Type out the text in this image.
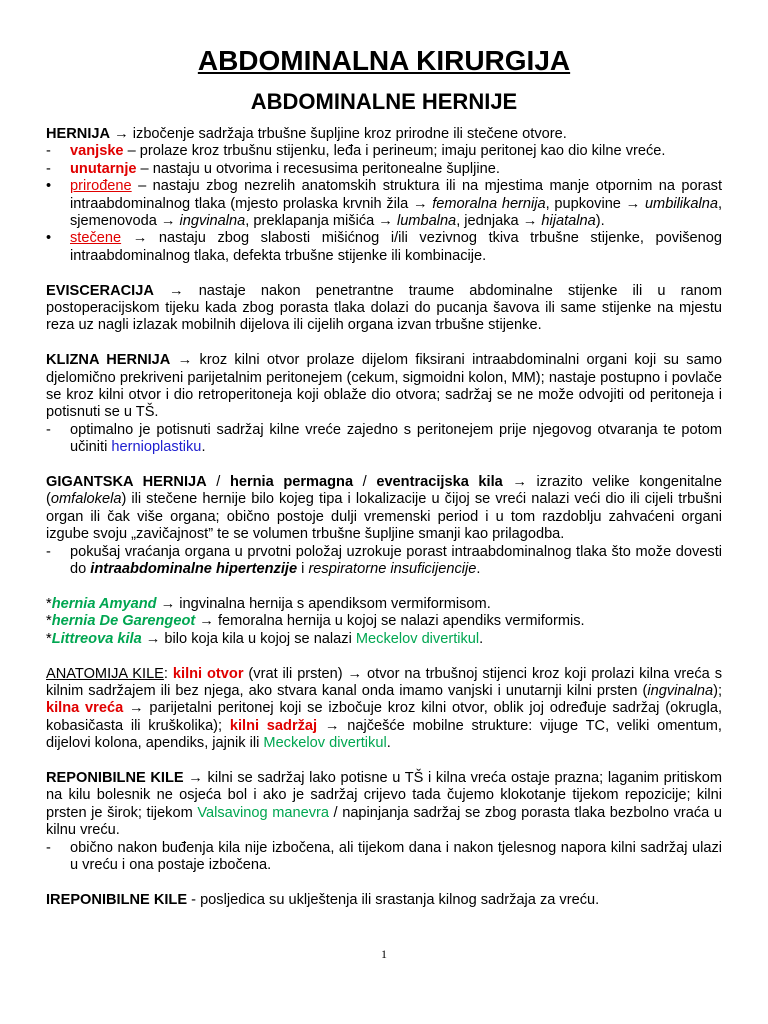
ABDOMINALNA KIRURGIJA
ABDOMINALNE HERNIJE

HERNIJA → izbočenje sadržaja trbušne šupljine kroz prirodne ili stečene otvore.

-	vanjske – prolaze kroz trbušnu stijenku, leđa i perineum; imaju peritonej kao dio kilne vreće.
-	unutarnje – nastaju u otvorima i recesusima peritonealne šupljine.
•	prirođene – nastaju zbog nezrelih anatomskih struktura ili na mjestima manje otpornim na porast intraabdominalnog tlaka (mjesto prolaska krvnih žila → femoralna hernija, pupkovine → umbilikalna, sjemenovoda → ingvinalna, preklapanja mišića → lumbalna, jednjaka → hijatalna).
•	stečene → nastaju zbog slabosti mišićnog i/ili vezivnog tkiva trbušne stijenke, povišenog intraabdominalnog tlaka, defekta trbušne stijenke ili kombinacije.

EVISCERACIJA → nastaje nakon penetrantne traume abdominalne stijenke ili u ranom postoperacijskom tijeku kada zbog porasta tlaka dolazi do pucanja šavova ili same stijenke na mjestu reza uz nagli izlazak mobilnih dijelova ili cijelih organa izvan trbušne stijenke.

KLIZNA HERNIJA → kroz kilni otvor prolaze dijelom fiksirani intraabdominalni organi koji su samo djelomično prekriveni parijetalnim peritonejem (cekum, sigmoidni kolon, MM); nastaje postupno i povlače se kroz kilni otvor i dio retroperitoneja koji oblaže dio otvora; sadržaj se ne može odvojiti od peritoneja i potisnuti se u TŠ.

-	optimalno je potisnuti sadržaj kilne vreće zajedno s peritonejem prije njegovog otvaranja te potom učiniti hernioplastiku.

GIGANTSKA HERNIJA / hernia permagna / eventracijska kila → izrazito velike kongenitalne (omfalokela) ili stečene hernije bilo kojeg tipa i lokalizacije u čijoj se vreći nalazi veći dio ili cijeli trbušni organ ili čak više organa; obično postoje dulji vremenski period i u tom razdoblju zahvaćeni organi izgube svoju „zavičajnost” te se volumen trbušne šupljine smanji kao prilagodba.

-	pokušaj vraćanja organa u prvotni položaj uzrokuje porast intraabdominalnog tlaka što može dovesti do intraabdominalne hipertenzije i respiratorne insuficijencije.

*hernia Amyand → ingvinalna hernija s apendiksom vermiformisom.

*hernia De Garengeot → femoralna hernija u kojoj se nalazi apendiks vermiformis.

*Littreova kila → bilo koja kila u kojoj se nalazi Meckelov divertikul.

ANATOMIJA KILE: kilni otvor (vrat ili prsten) → otvor na trbušnoj stijenci kroz koji prolazi kilna vreća s kilnim sadržajem ili bez njega, ako stvara kanal onda imamo vanjski i unutarnji kilni prsten (ingvinalna); kilna vreća → parijetalni peritonej koji se izbočuje kroz kilni otvor, oblik joj određuje sadržaj (okrugla, kobasičasta ili kruškolika); kilni sadržaj → najčešće mobilne strukture: vijuge TC, veliki omentum, dijelovi kolona, apendiks, jajnik ili Meckelov divertikul.

REPONIBILNE KILE → kilni se sadržaj lako potisne u TŠ i kilna vreća ostaje prazna; laganim pritiskom na kilu bolesnik ne osjeća bol i ako je sadržaj crijevo tada čujemo klokotanje tijekom repozicije; kilni prsten je širok; tijekom Valsavinog manevra / napinjanja sadržaj se zbog porasta tlaka bezbolno vraća u kilnu vreću.

-	obično nakon buđenja kila nije izbočena, ali tijekom dana i nakon tjelesnog napora kilni sadržaj ulazi u vreću i ona postaje izbočena.

IREPONIBILNE KILE - posljedica su uklještenja ili srastanja kilnog sadržaja za vreću.

1
